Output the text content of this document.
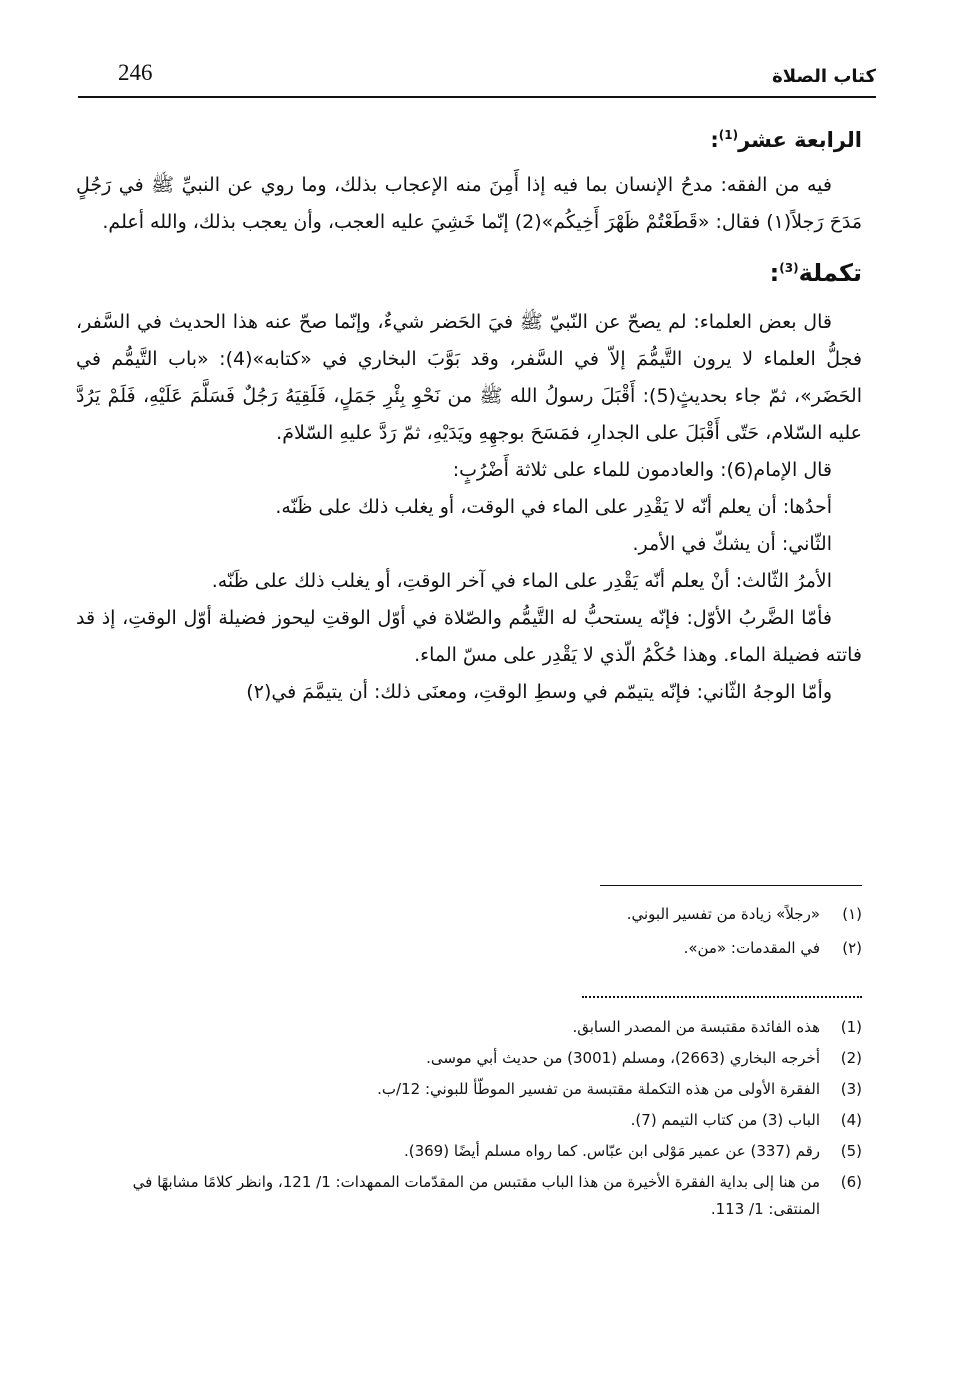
246	كتاب الصلاة
الرابعة عشر$^{(1)}$:

فيه من الفقه: مدحُ الإنسان بما فيه إذا أَمِنَ منه الإعجاب بذلك، وما روي عن النبيِّ ﷺ في رَجُلٍ مَدَحَ رَجلاً(١) فقال: «قَطَعْتُمْ ظَهْرَ أَخِيكُم»(2) إنّما خَشِيَ عليه العجب، وأن يعجب بذلك، والله أعلم.

تكملة$^{(3)}$:

قال بعض العلماء: لم يصحّ عن النّبيّ ﷺ فيَ الحَضر شيءٌ، وإنّما صحّ عنه هذا الحديث في السَّفر، فجلُّ العلماء لا يرون التَّيمُّمَ إلاّ في السَّفر، وقد بَوَّبَ البخاري في «كتابه»(4): «باب التَّيمُّم في الحَضَر»، ثمّ جاء بحديثٍ(5): أَقْبَلَ رسولُ الله ﷺ من نَحْوِ بِئْرِ جَمَلٍ، فَلَقِيَهُ رَجُلٌ فَسَلَّمَ عَلَيْهِ، فَلَمْ يَرُدَّ عليه السّلام، حَتّى أَقْبَلَ على الجدارِ، فمَسَحَ بوجهِهِ ويَدَيْهِ، ثمّ رَدَّ عليهِ السّلامَ.

قال الإمام(6): والعادمون للماء على ثلاثة أَضْرُبٍ:

أحدُها: أن يعلم أنّه لا يَقْدِر على الماء في الوقت، أو يغلب ذلك على ظَنّه.

الثّاني: أن يشكّ في الأمر.

الأمرُ الثّالث: أنْ يعلم أنّه يَقْدِر على الماء في آخر الوقتِ، أو يغلب ذلك على ظَنّه.

فأمّا الضَّربُ الأوّل: فإنّه يستحبُّ له التَّيمُّم والصّلاة في أوّل الوقتِ ليحوز فضيلة أوّل الوقتِ، إذ قد فاتته فضيلة الماء. وهذا حُكْمُ الّذي لا يَقْدِر على مسّ الماء.

وأمّا الوجهُ الثّاني: فإنّه يتيمّم في وسطِ الوقتِ، ومعنَى ذلك: أن يتيمَّمَ في(٢)

(١)
«رجلاً» زيادة من تفسير البوني.
(٢)
في المقدمات: «من».
(1)
هذه الفائدة مقتبسة من المصدر السابق.
(2)
أخرجه البخاري (2663)، ومسلم (3001) من حديث أبي موسى.
(3)
الفقرة الأولى من هذه التكملة مقتبسة من تفسير الموطّأ للبوني: 12/ب.
(4)
الباب (3) من كتاب التيمم (7).
(5)
رقم (337) عن عمير مَوْلى ابن عبّاس. كما رواه مسلم أيضًا (369).
(6)
من هنا إلى بداية الفقرة الأخيرة من هذا الباب مقتبس من المقدّمات الممهدات: 1/ 121، وانظر كلامًا مشابهًا في المنتقى: 1/ 113.
